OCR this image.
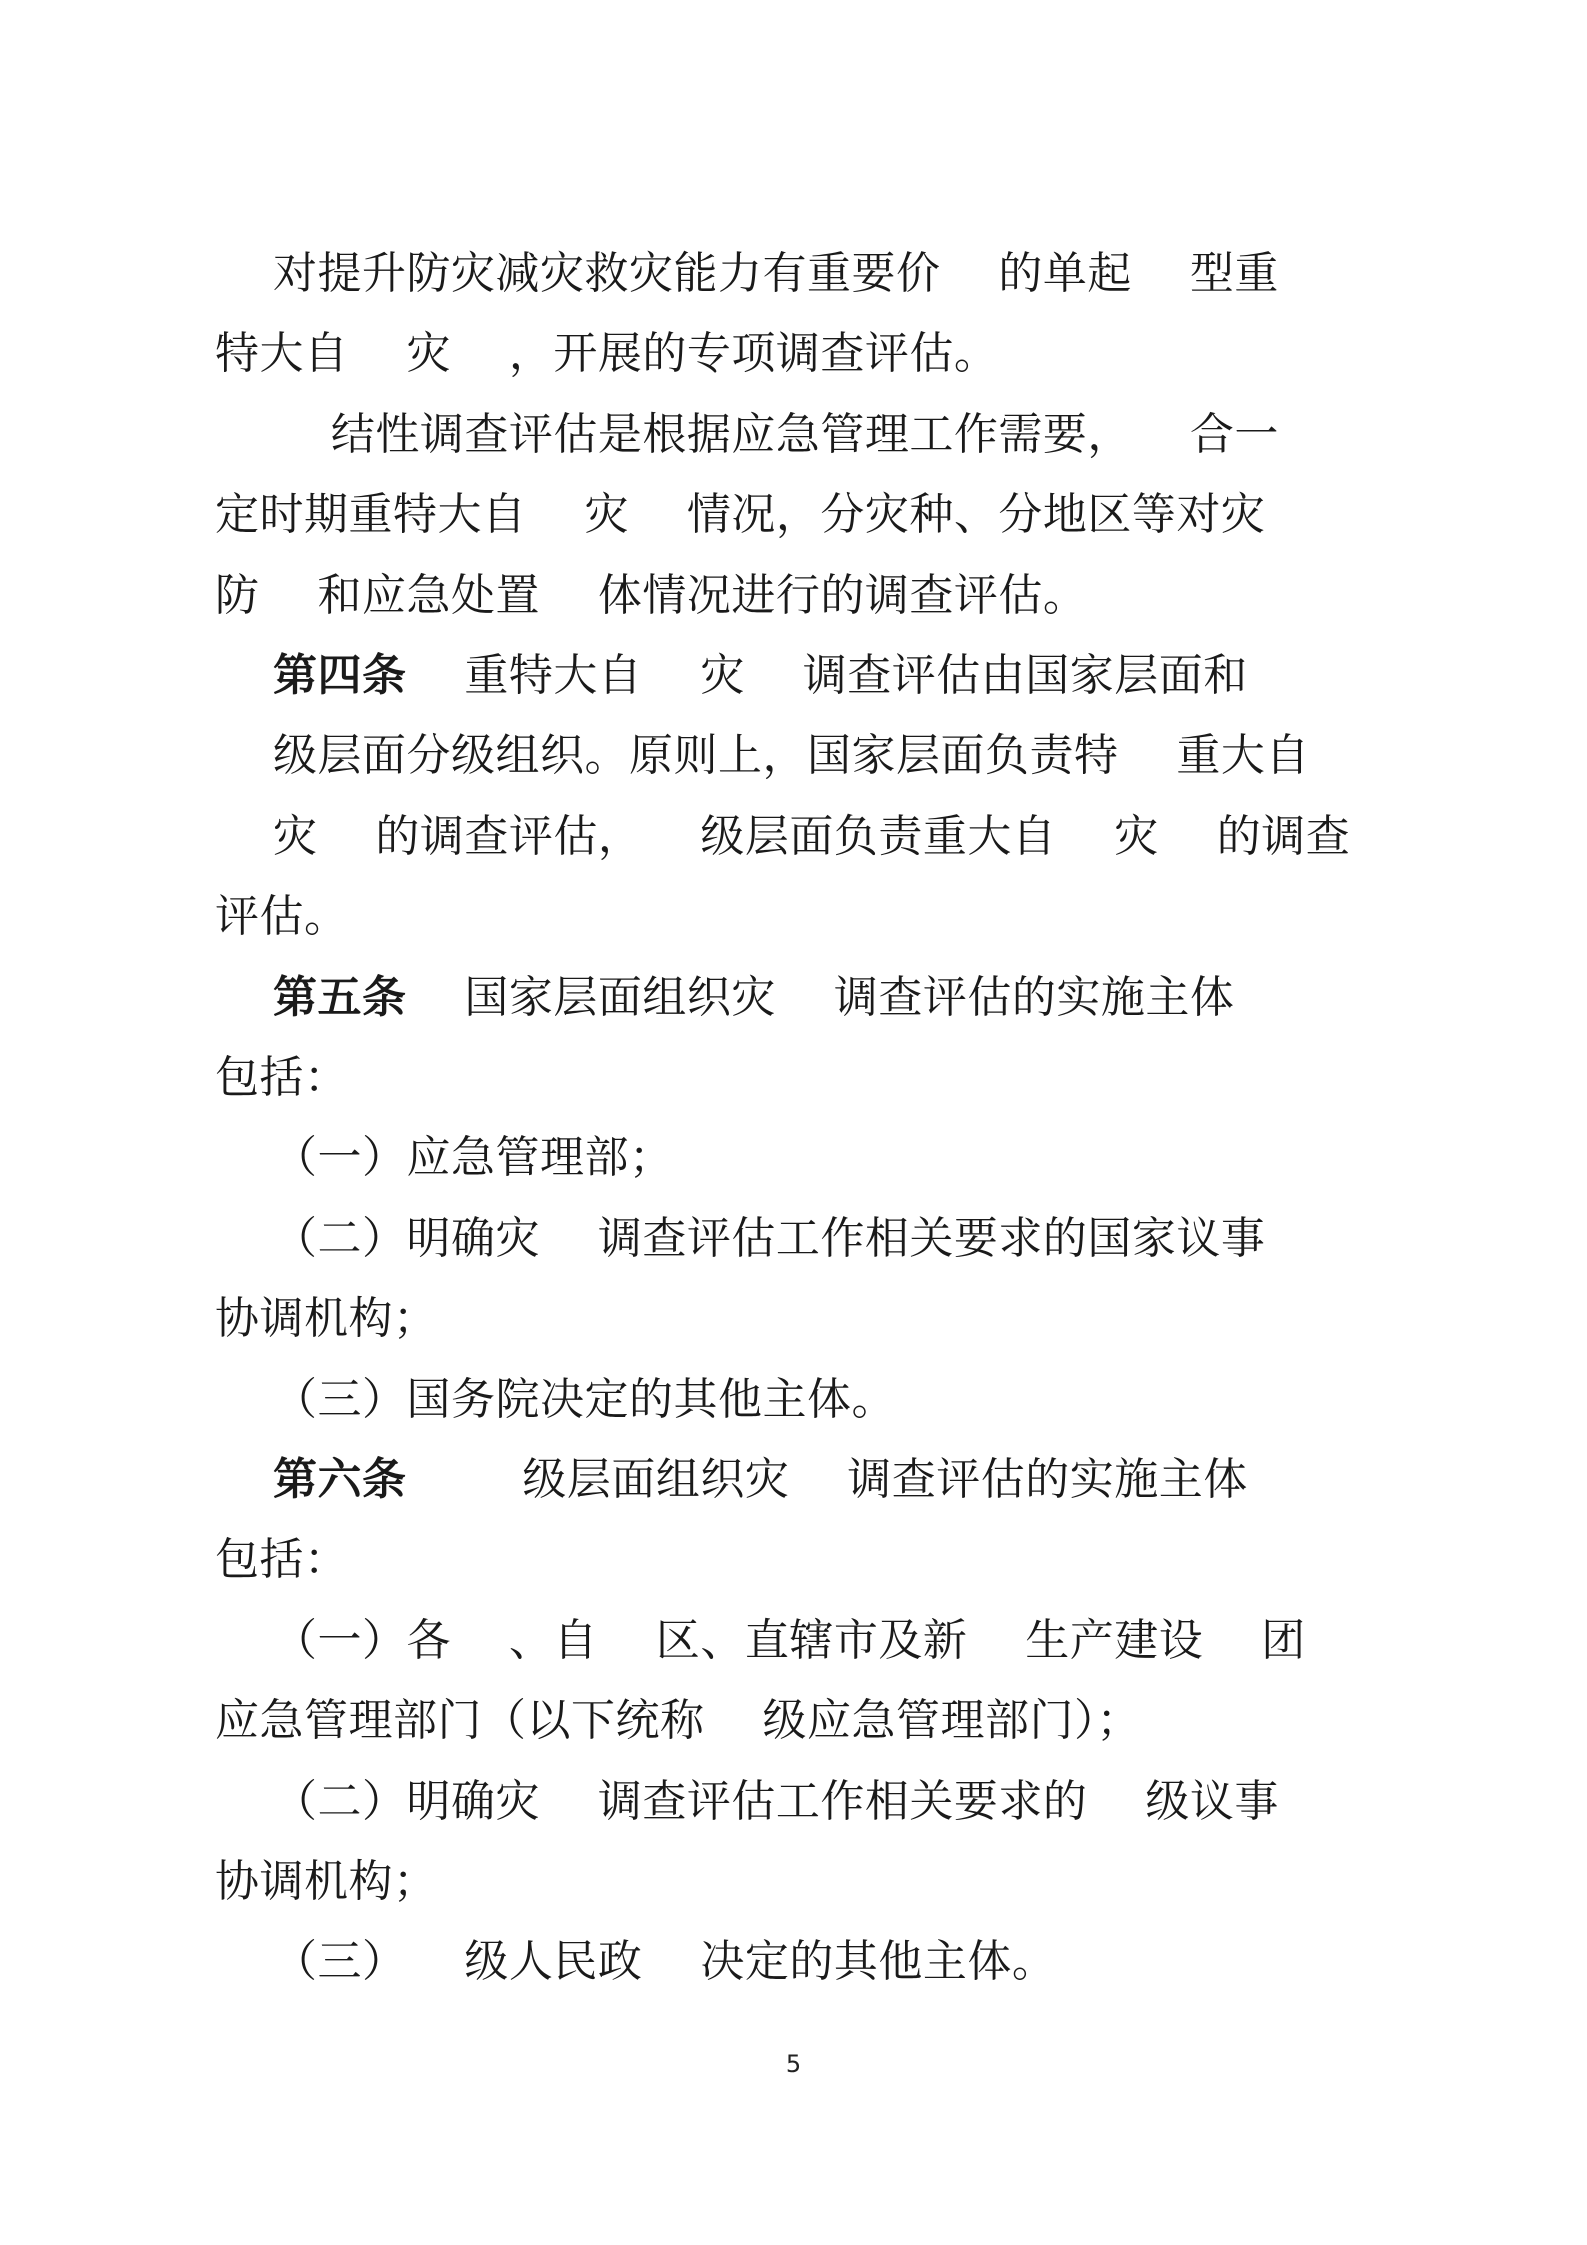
对提升防灾减灾救灾能力有重要价    的单起    型重
特大自    灾    ，开展的专项调查评估。
结性调查评估是根据应急管理工作需要，    合一
定时期重特大自    灾    情况，分灾种、分地区等对灾
防    和应急处置    体情况进行的调查评估。
第四条    重特大自    灾    调查评估由国家层面和
级层面分级组织。原则上，国家层面负责特    重大自
灾    的调查评估，    级层面负责重大自    灾    的调查
评估。
第五条    国家层面组织灾    调查评估的实施主体
包括：
（一）应急管理部；
（二）明确灾    调查评估工作相关要求的国家议事
协调机构；
（三）国务院决定的其他主体。
第六条        级层面组织灾    调查评估的实施主体
包括：
（一）各    、自    区、直辖市及新    生产建设    团
应急管理部门（以下统称    级应急管理部门）；
（二）明确灾    调查评估工作相关要求的    级议事
协调机构；
（三）    级人民政    决定的其他主体。
5
